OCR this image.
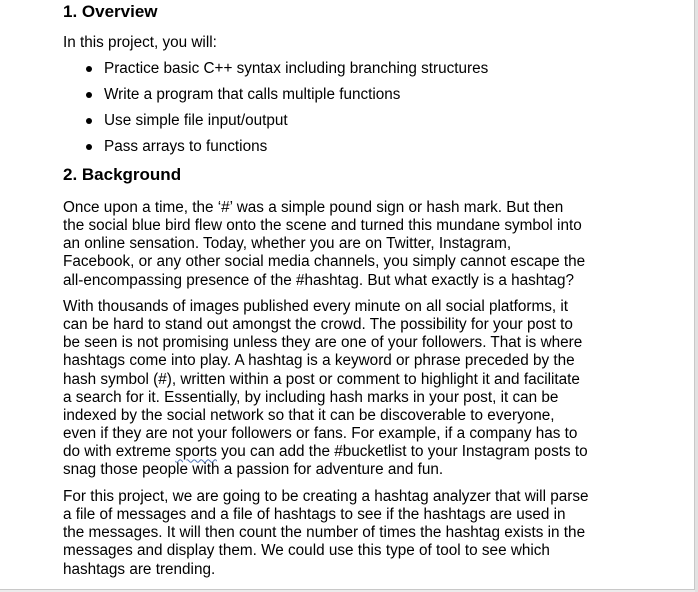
1. Overview

In this project, you will:

Practice basic C++ syntax including branching structures
Write a program that calls multiple functions
Use simple file input/output
Pass arrays to functions
2. Background

Once upon a time, the ‘#’ was a simple pound sign or hash mark. But then
the social blue bird flew onto the scene and turned this mundane symbol into
an online sensation. Today, whether you are on Twitter, Instagram,
Facebook, or any other social media channels, you simply cannot escape the
all-encompassing presence of the #hashtag. But what exactly is a hashtag?

With thousands of images published every minute on all social platforms, it
can be hard to stand out amongst the crowd. The possibility for your post to
be seen is not promising unless they are one of your followers. That is where
hashtags come into play. A hashtag is a keyword or phrase preceded by the
hash symbol (#), written within a post or comment to highlight it and facilitate
a search for it. Essentially, by including hash marks in your post, it can be
indexed by the social network so that it can be discoverable to everyone,
even if they are not your followers or fans. For example, if a company has to
do with extreme sports you can add the #bucketlist to your Instagram posts to
snag those people with a passion for adventure and fun.

For this project, we are going to be creating a hashtag analyzer that will parse
a file of messages and a file of hashtags to see if the hashtags are used in
the messages. It will then count the number of times the hashtag exists in the
messages and display them. We could use this type of tool to see which
hashtags are trending.
